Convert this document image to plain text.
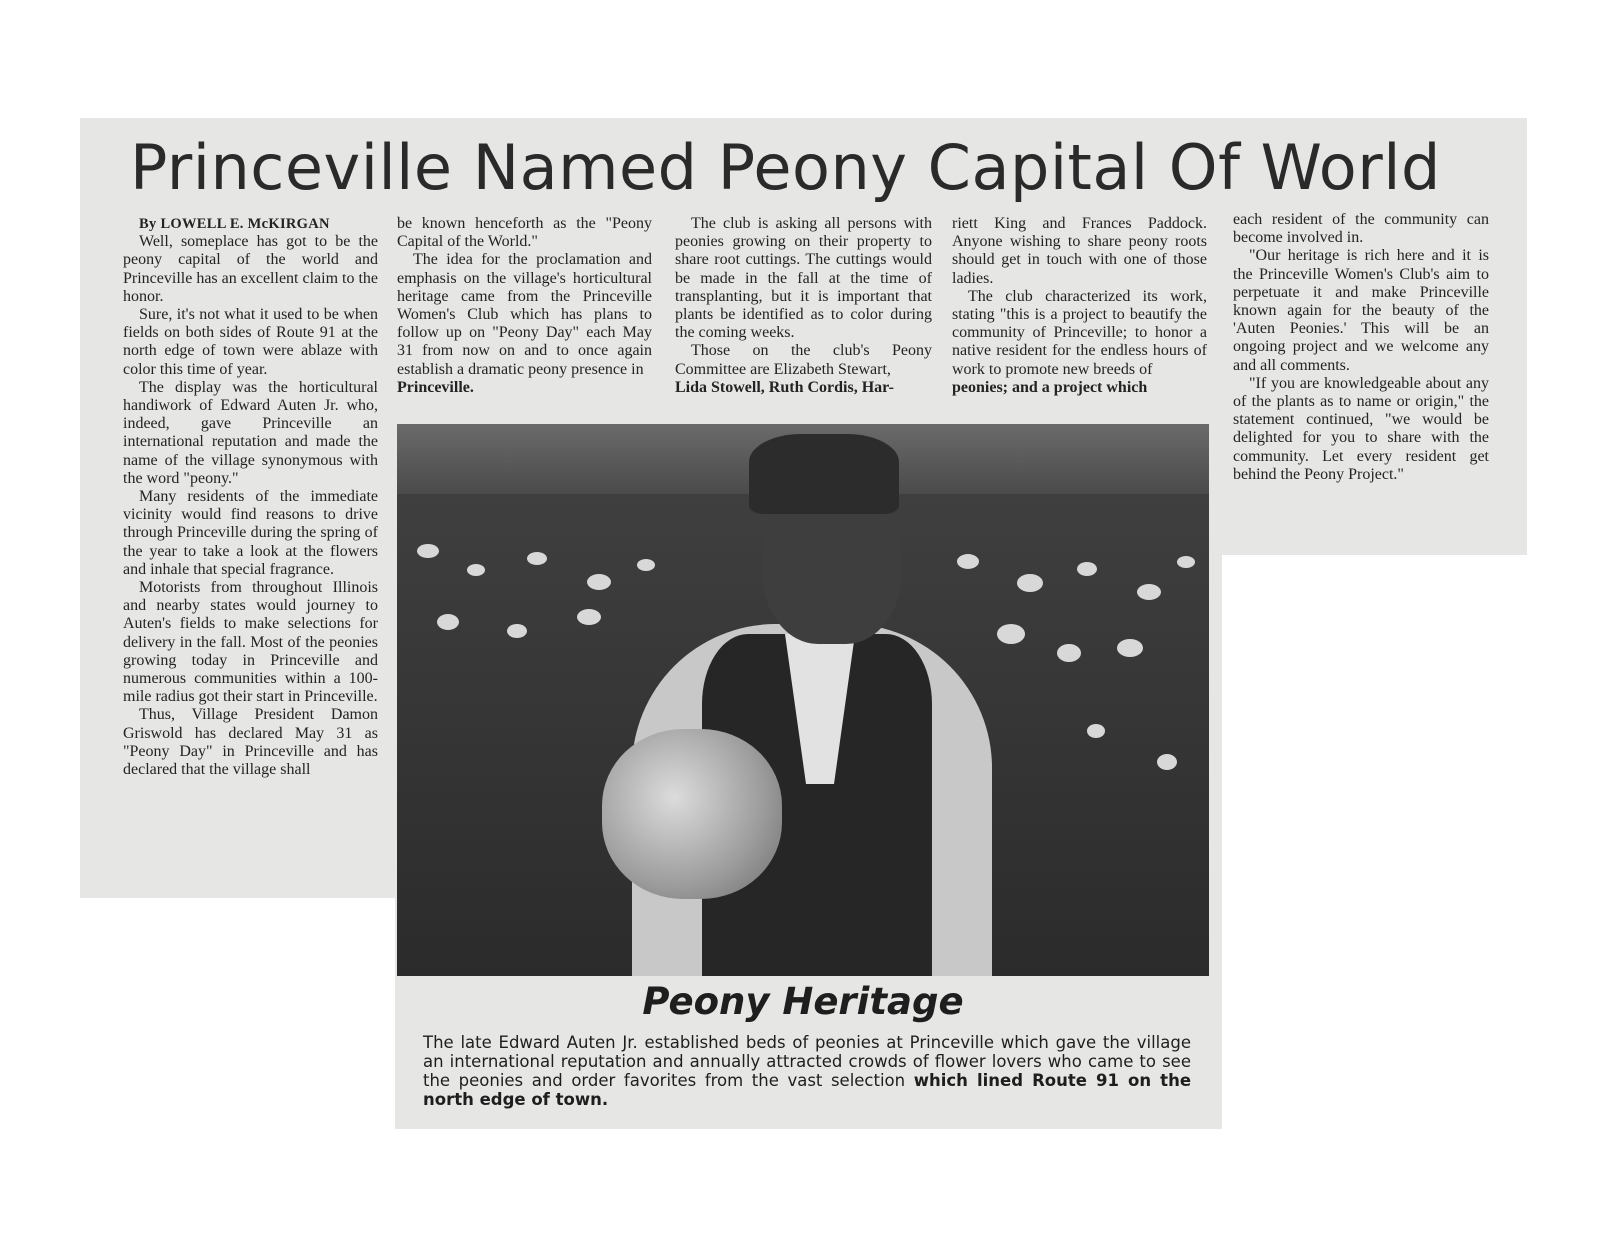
Princeville Named Peony Capital Of World

By LOWELL E. McKIRGAN

Well, someplace has got to be the peony capital of the world and Princeville has an excellent claim to the honor.

Sure, it's not what it used to be when fields on both sides of Route 91 at the north edge of town were ablaze with color this time of year.

The display was the horticultural handiwork of Edward Auten Jr. who, indeed, gave Princeville an international reputation and made the name of the village synonymous with the word "peony."

Many residents of the immediate vicinity would find reasons to drive through Princeville during the spring of the year to take a look at the flowers and inhale that special fragrance.

Motorists from throughout Illinois and nearby states would journey to Auten's fields to make selections for delivery in the fall. Most of the peonies growing today in Princeville and numerous communities within a 100-mile radius got their start in Princeville.

Thus, Village President Damon Griswold has declared May 31 as "Peony Day" in Princeville and has declared that the village shall

be known henceforth as the "Peony Capital of the World."

The idea for the proclamation and emphasis on the village's horticultural heritage came from the Princeville Women's Club which has plans to follow up on "Peony Day" each May 31 from now on and to once again establish a dramatic peony presence in

Princeville.

The club is asking all persons with peonies growing on their property to share root cuttings. The cuttings would be made in the fall at the time of transplanting, but it is important that plants be identified as to color during the coming weeks.

Those on the club's Peony Committee are Elizabeth Stewart,

Lida Stowell, Ruth Cordis, Har-

riett King and Frances Paddock. Anyone wishing to share peony roots should get in touch with one of those ladies.

The club characterized its work, stating "this is a project to beautify the community of Princeville; to honor a native resident for the endless hours of work to promote new breeds of

peonies; and a project which

each resident of the community can become involved in.

"Our heritage is rich here and it is the Princeville Women's Club's aim to perpetuate it and make Princeville known again for the beauty of the 'Auten Peonies.' This will be an ongoing project and we welcome any and all comments.

"If you are knowledgeable about any of the plants as to name or origin," the statement continued, "we would be delighted for you to share with the community. Let every resident get behind the Peony Project."

Peony Heritage

The late Edward Auten Jr. established beds of peonies at Princeville which gave the village an international reputation and annually attracted crowds of flower lovers who came to see the peonies and order favorites from the vast selection which lined Route 91 on the north edge of town.
